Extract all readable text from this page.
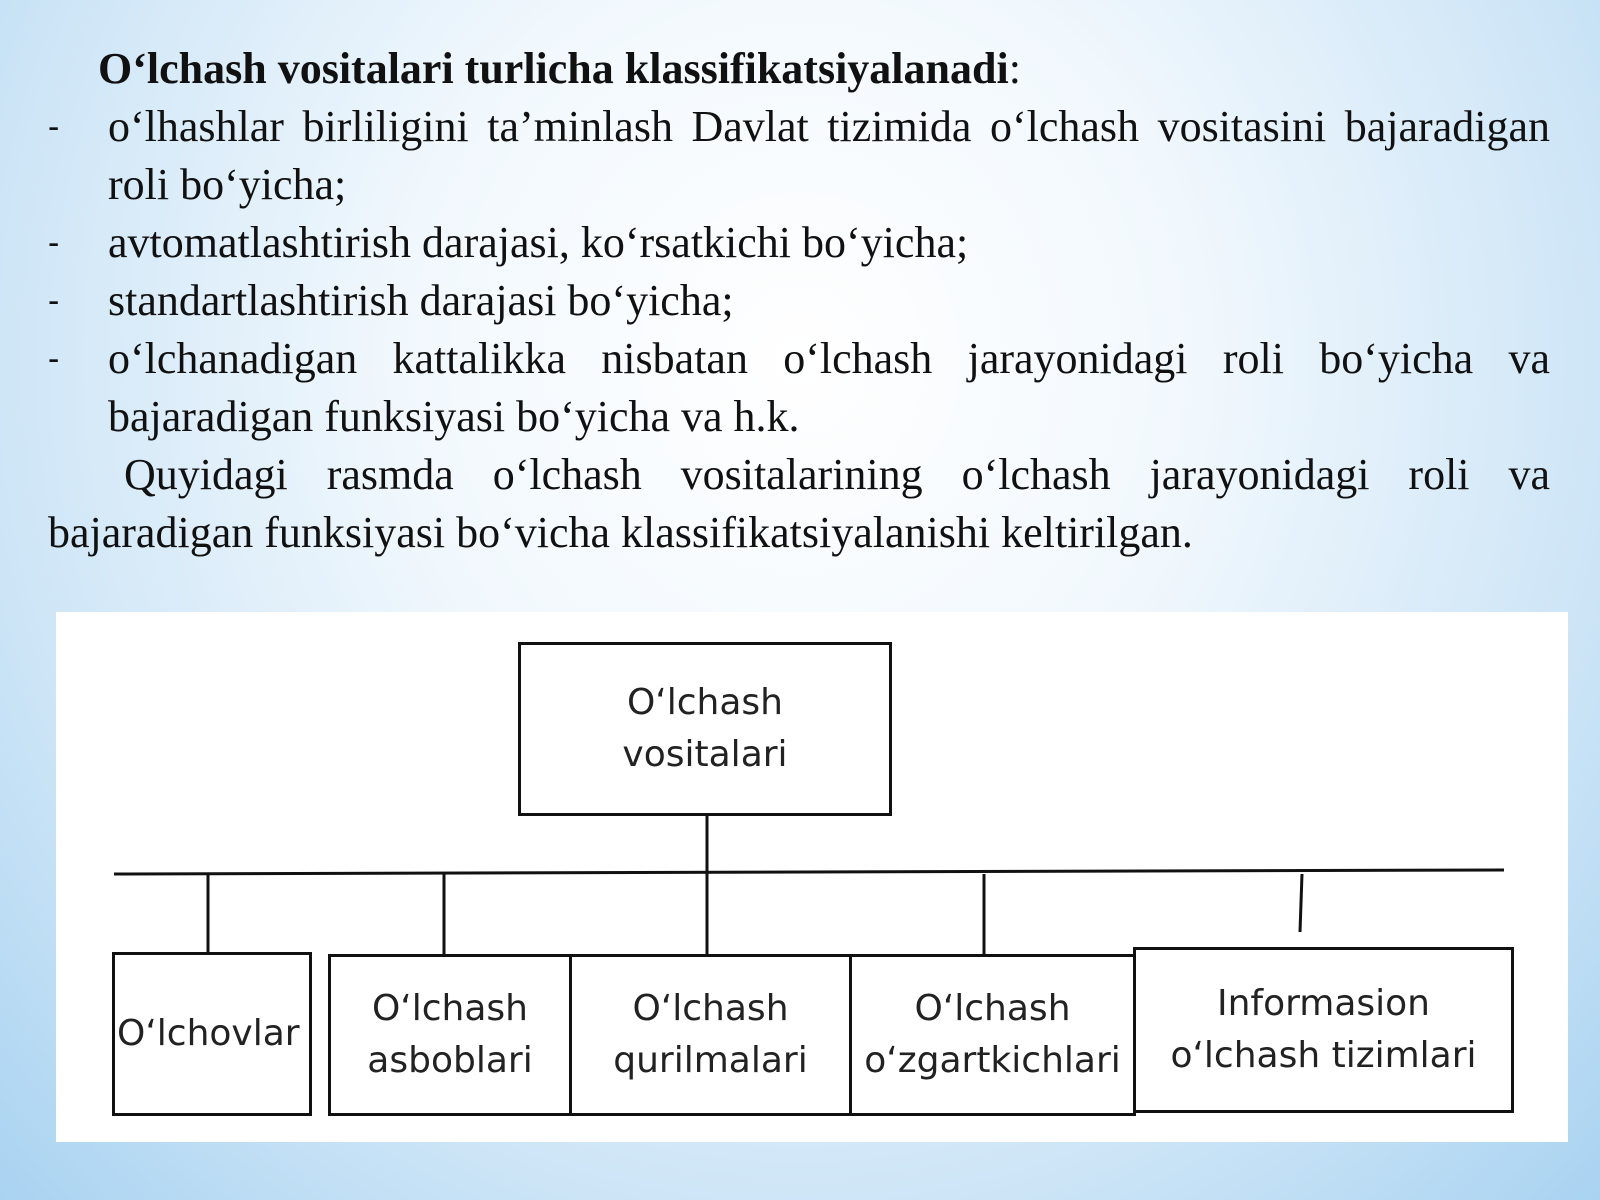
O‘lchash vositalari turlicha klassifikatsiyalanadi:

- o‘lhashlar birliligini ta’minlash Davlat tizimida o‘lchash vositasini bajaradigan roli bo‘yicha;
- avtomatlashtirish darajasi, ko‘rsatkichi bo‘yicha;
- standartlashtirish darajasi bo‘yicha;
- o‘lchanadigan kattalikka nisbatan o‘lchash jarayonidagi roli bo‘yicha va bajaradigan funksiyasi bo‘yicha va h.k.

Quyidagi rasmda o‘lchash vositalarining o‘lchash jarayonidagi roli va bajaradigan funksiyasi bo‘vicha klassifikatsiyalanishi keltirilgan.

O‘lchash
vositalari
O‘lchovlar
O‘lchash
asboblari
O‘lchash
qurilmalari
O‘lchash
o‘zgartkichlari
Informasion
o‘lchash tizimlari
